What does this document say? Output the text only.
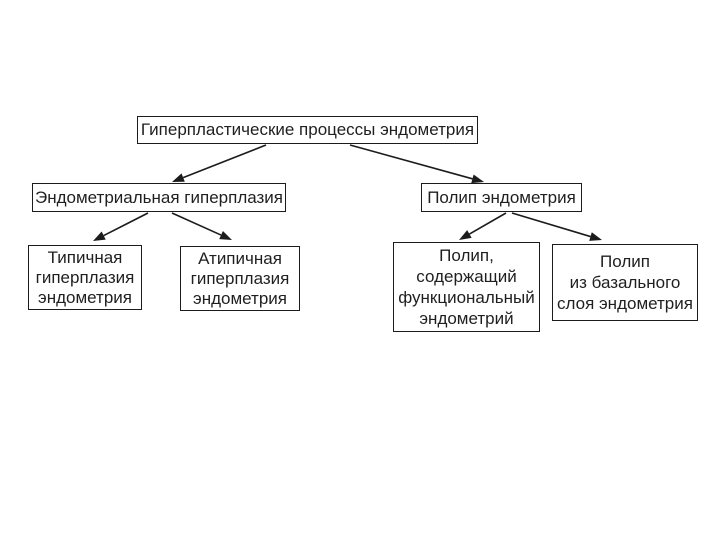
Гиперпластические процессы эндометрия
Эндометриальная гиперплазия	Полип эндометрия
Типичная
гиперплазия
эндометрия
Атипичная
гиперплазия
эндометрия
Полип,
содержащий
функциональный
эндометрий
Полип
из базального
слоя эндометрия
